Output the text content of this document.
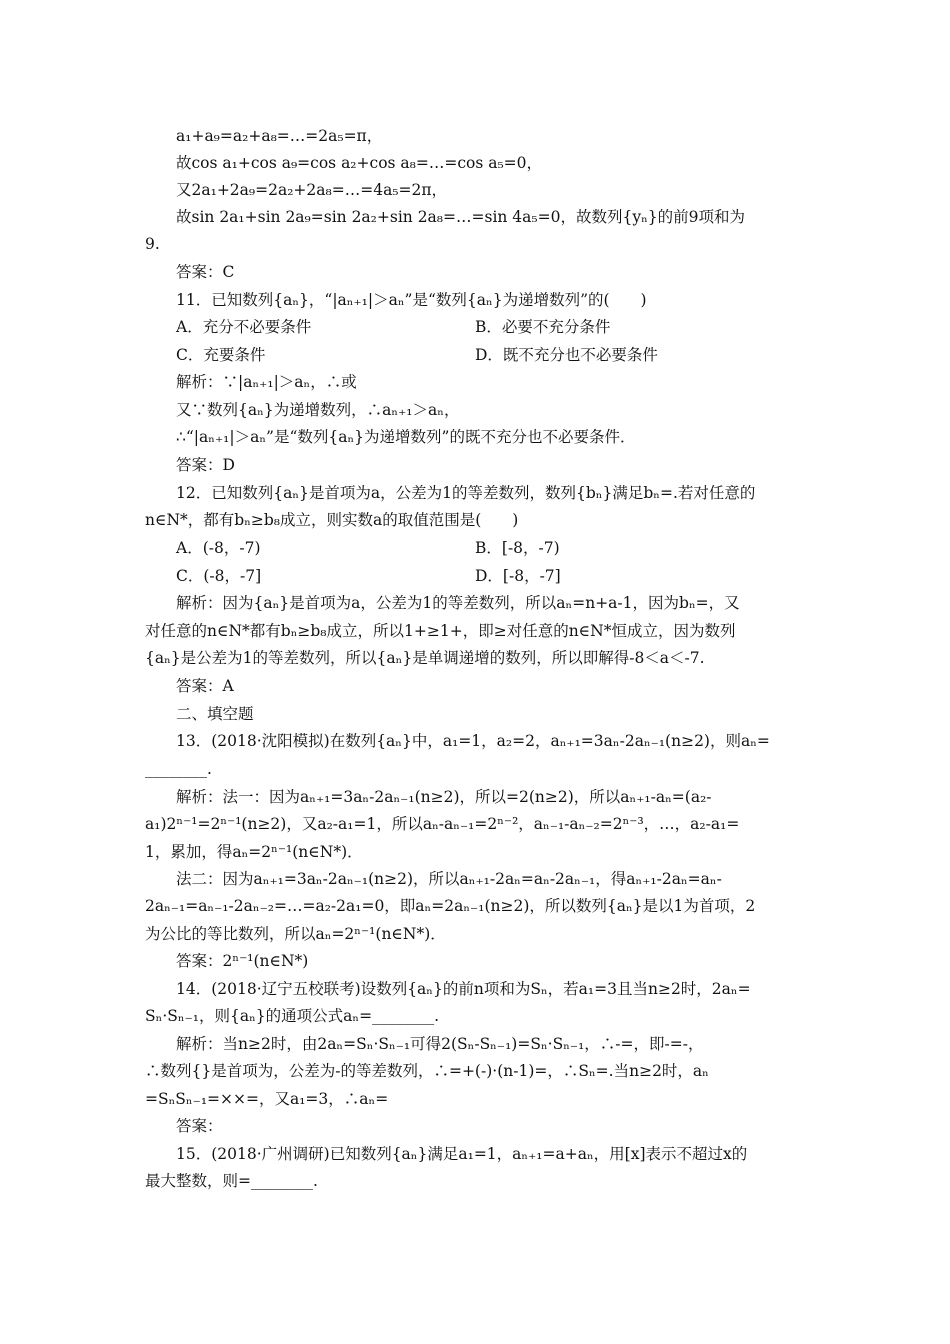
a₁+a₉=a₂+a₈=…=2a₅=π，
故cos a₁+cos a₉=cos a₂+cos a₈=…=cos a₅=0，
又2a₁+2a₉=2a₂+2a₈=…=4a₅=2π，
故sin 2a₁+sin 2a₉=sin 2a₂+sin 2a₈=…=sin 4a₅=0，故数列{yₙ}的前9项和为
9.
答案：C
11．已知数列{aₙ}，“|aₙ₊₁|＞aₙ”是“数列{aₙ}为递增数列”的(　　)
A．充分不必要条件	B．必要不充分条件
C．充要条件	D．既不充分也不必要条件
解析：∵|aₙ₊₁|＞aₙ，∴或
又∵数列{aₙ}为递增数列，∴aₙ₊₁＞aₙ，
∴“|aₙ₊₁|＞aₙ”是“数列{aₙ}为递增数列”的既不充分也不必要条件．
答案：D
12．已知数列{aₙ}是首项为a，公差为1的等差数列，数列{bₙ}满足bₙ=.若对任意的
n∈N*，都有bₙ≥b₈成立，则实数a的取值范围是(　　)
A．(-8，-7)	B．[-8，-7)
C．(-8，-7]	D．[-8，-7]
解析：因为{aₙ}是首项为a，公差为1的等差数列，所以aₙ=n+a-1，因为bₙ=，又
对任意的n∈N*都有bₙ≥b₈成立，所以1+≥1+，即≥对任意的n∈N*恒成立，因为数列
{aₙ}是公差为1的等差数列，所以{aₙ}是单调递增的数列，所以即解得-8＜a＜-7.
答案：A
二、填空题
13．(2018·沈阳模拟)在数列{aₙ}中，a₁=1，a₂=2，aₙ₊₁=3aₙ-2aₙ₋₁(n≥2)，则aₙ=
________.
解析：法一：因为aₙ₊₁=3aₙ-2aₙ₋₁(n≥2)，所以=2(n≥2)，所以aₙ₊₁-aₙ=(a₂-
a₁)2ⁿ⁻¹=2ⁿ⁻¹(n≥2)，又a₂-a₁=1，所以aₙ-aₙ₋₁=2ⁿ⁻²，aₙ₋₁-aₙ₋₂=2ⁿ⁻³，…，a₂-a₁=
1，累加，得aₙ=2ⁿ⁻¹(n∈N*)．
法二：因为aₙ₊₁=3aₙ-2aₙ₋₁(n≥2)，所以aₙ₊₁-2aₙ=aₙ-2aₙ₋₁，得aₙ₊₁-2aₙ=aₙ-
2aₙ₋₁=aₙ₋₁-2aₙ₋₂=…=a₂-2a₁=0，即aₙ=2aₙ₋₁(n≥2)，所以数列{aₙ}是以1为首项，2
为公比的等比数列，所以aₙ=2ⁿ⁻¹(n∈N*)．
答案：2ⁿ⁻¹(n∈N*)
14．(2018·辽宁五校联考)设数列{aₙ}的前n项和为Sₙ，若a₁=3且当n≥2时，2aₙ=
Sₙ·Sₙ₋₁，则{aₙ}的通项公式aₙ=________.
解析：当n≥2时，由2aₙ=Sₙ·Sₙ₋₁可得2(Sₙ-Sₙ₋₁)=Sₙ·Sₙ₋₁，∴-=，即-=-，
∴数列{}是首项为，公差为-的等差数列，∴=+(-)·(n-1)=，∴Sₙ=.当n≥2时，aₙ
=SₙSₙ₋₁=××=，又a₁=3，∴aₙ=
答案：
15．(2018·广州调研)已知数列{aₙ}满足a₁=1，aₙ₊₁=a+aₙ，用[x]表示不超过x的
最大整数，则=________.
